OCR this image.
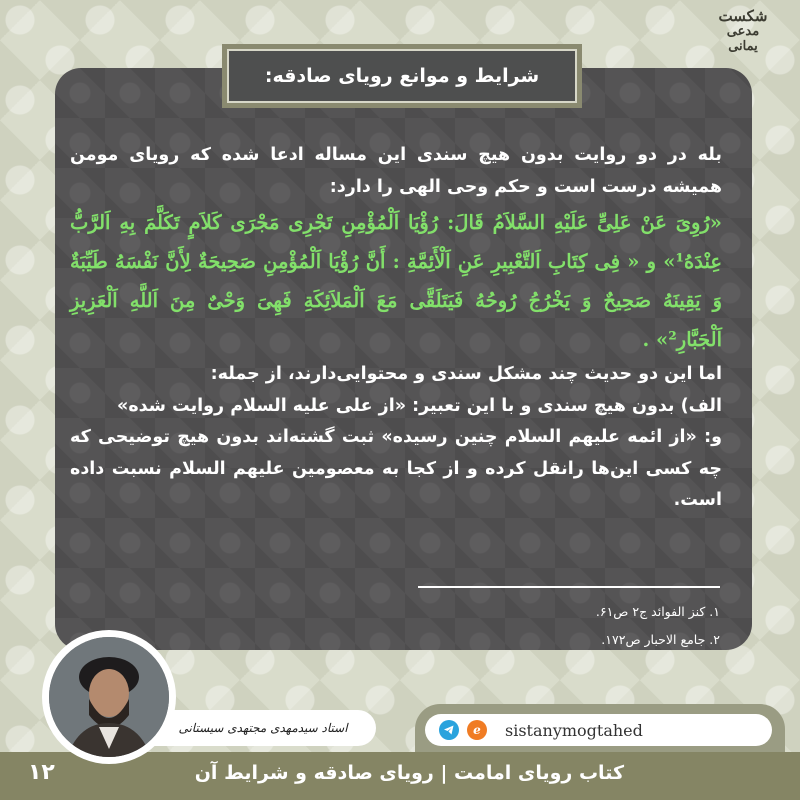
شکست
مدعی
یمانی
شرایط و موانع رویای صادقه:

بله در دو روایت بدون هیچ سندی این مساله ادعا شده که رویای مومن همیشه درست است و حکم وحی الهی را دارد:

«رُوِیَ عَنْ عَلِیٍّ عَلَیْهِ السَّلاَمُ قَالَ: رُؤْیَا اَلْمُؤْمِنِ تَجْرِی مَجْرَی کَلاَمٍ تَکَلَّمَ بِهِ اَلرَّبُّ عِنْدَهُ¹» و « فِی کِتَابِ اَلتَّعْبِیرِ عَنِ اَلْأَئِمَّةِ : أَنَّ رُؤْیَا اَلْمُؤْمِنِ صَحِیحَةٌ لِأَنَّ نَفْسَهُ طَیِّبَةٌ وَ یَقِینَهُ صَحِیحٌ وَ یَخْرُجُ رُوحُهُ فَیَتَلَقَّی مَعَ اَلْمَلاَئِکَةِ فَهِیَ وَحْیٌ مِنَ اَللَّهِ اَلْعَزِیزِ اَلْجَبَّارِ²» .

اما این دو حدیث چند مشکل سندی و محتوایی‌دارند، از جمله:

الف) بدون هیچ سندی و با این تعبیر: «از علی علیه السلام روایت شده»

و: «از ائمه علیهم السلام چنین رسیده» ثبت گشته‌اند بدون هیچ توضیحی که چه کسی این‌ها رانقل کرده و از کجا به معصومین علیهم السلام نسبت داده است.

۱. کنز الفوائد ج۲ ص۶۱.
۲. جامع الاحبار ص۱۷۲.
e	sistanymogtahed
استاد سیدمهدی مجتهدی سیستانی
کتاب رویای امامت | رویای صادقه و شرایط آن
۱۲
